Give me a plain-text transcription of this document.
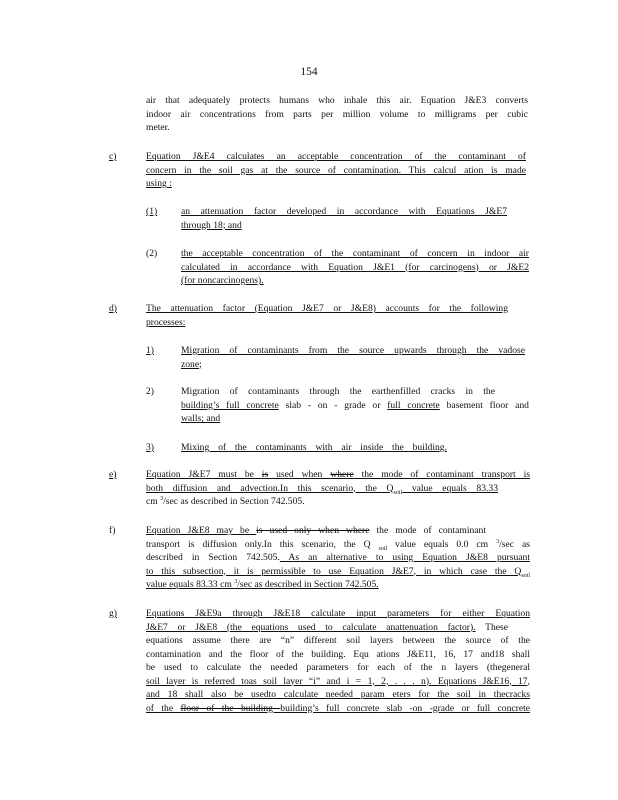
154
air that adequately protects humans who inhale this air. Equation J&E3 converts
indoor air concentrations from parts per million volume to milligrams per cubic
meter.
c)	Equation J&E4 calculates an acceptable concentration of the contaminant of
concern in the soil gas at the source of contamination. This calcul ation is made
using :
(1) an attenuation factor developed in accordance with Equations J&E7
through 18; and
(2) the acceptable concentration of the contaminant of concern in indoor air
calculated in accordance with Equation J&E1 (for carcinogens) or J&E2
(for noncarcinogens).
d)	The attenuation factor (Equation J&E7 or J&E8) accounts for the following
processes:
1)	Migration of contaminants from the source upwards through the vadose
zone;
2)	Migration of contaminants through the earthenfilled cracks in the
building’s full concrete slab - on - grade or full concrete basement floor and
walls; and
3)	Mixing of the contaminants with air inside the building.
e)	Equation J&E7 must be is used when where the mode of contaminant transport is
both diffusion and advection.In this scenario, the $Q_{soil}$ value equals 83.33
cm $^3$/sec as described in Section 742.505.
f)	Equation J&E8 may be is used only when where the mode of contaminant
transport is diffusion only.In this scenario, the Q $_{soil}$ value equals 0.0 cm $^3$/sec as
described in Section 742.505. As an alternative to using Equation J&E8 pursuant
to this subsection, it is permissible to use Equation J&E7, in which case the $Q_{soil}$
value equals 83.33 cm $^3$/sec as described in Section 742.505.
g)	Equations J&E9a through J&E18 calculate input parameters for either Equation
J&E7 or J&E8 (the equations used to calculate anattenuation factor). These
equations assume there are “n” different soil layers between the source of the
contamination and the floor of the building. Equ ations J&E11, 16, 17 and18 shall
be used to calculate the needed parameters for each of the n layers (thegeneral
soil layer is referred toas soil layer “i” and i = 1, 2, . . . n). Equations J&E16, 17,
and 18 shall also be usedto calculate needed param eters for the soil in thecracks
of the floor of the building building’s full concrete slab -on -grade or full concrete
